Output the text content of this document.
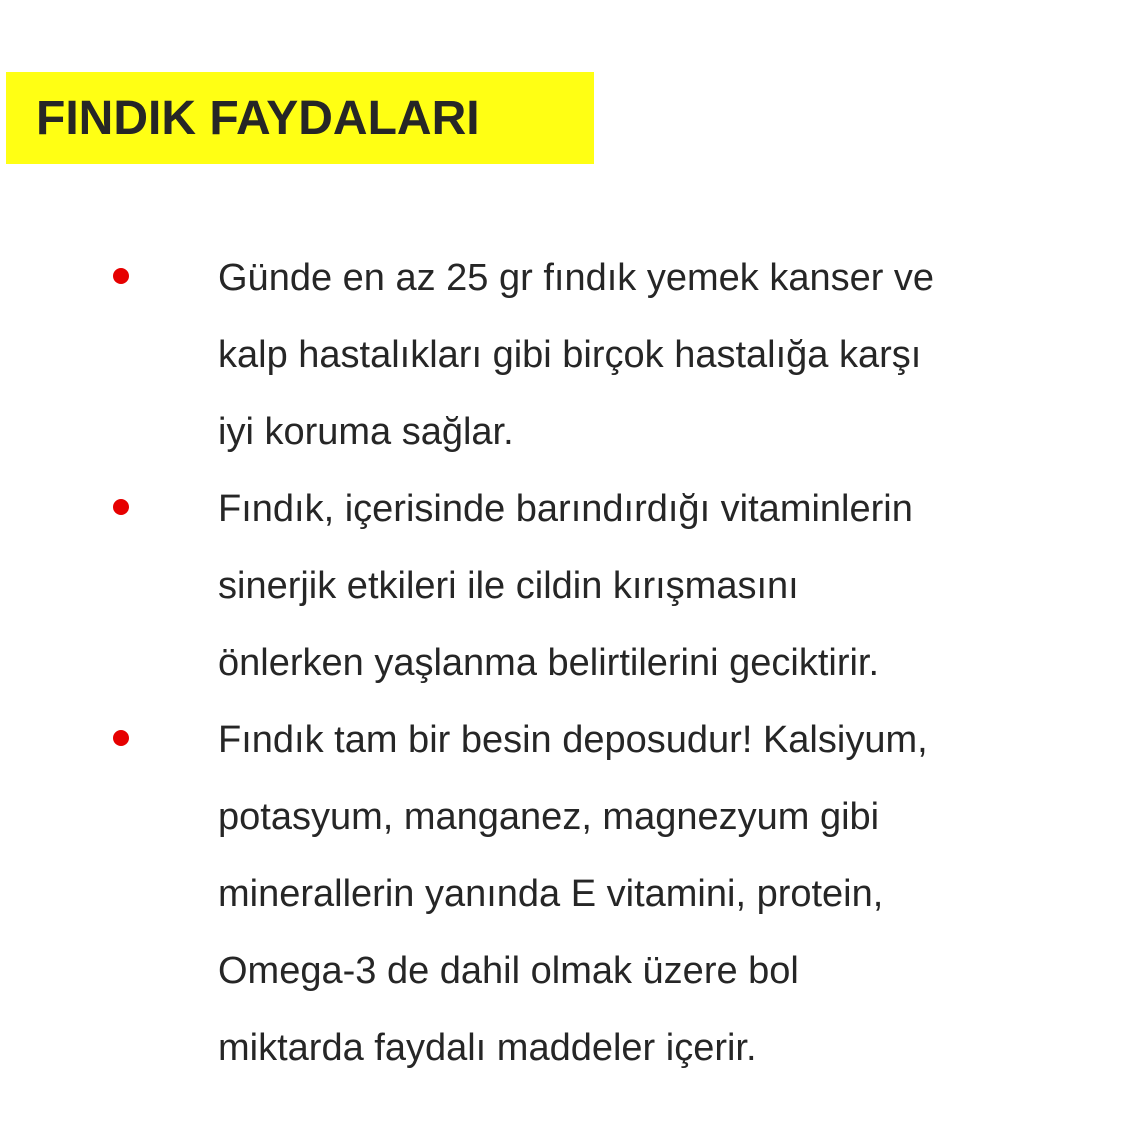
FINDIK FAYDALARI
Günde en az 25 gr fındık yemek kanser ve
kalp hastalıkları gibi birçok hastalığa karşı
iyi koruma sağlar.
Fındık, içerisinde barındırdığı vitaminlerin
sinerjik etkileri ile cildin kırışmasını
önlerken yaşlanma belirtilerini geciktirir.
Fındık tam bir besin deposudur! Kalsiyum,
potasyum, manganez, magnezyum gibi
minerallerin yanında E vitamini, protein,
Omega-3 de dahil olmak üzere bol
miktarda faydalı maddeler içerir.
